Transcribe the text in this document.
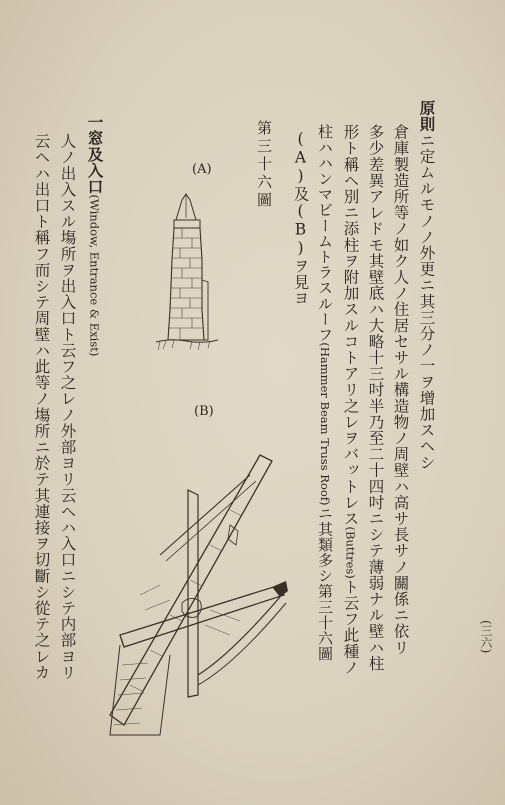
(三六)
原則ニ定ムルモノノ外更ニ其三分ノ一ヲ增加スヘシ
倉庫製造所等ノ如ク人ノ住居セサル構造物ノ周壁ハ高サ長サノ關係ニ依リ
多少差異アレドモ其壁底ハ大略十三吋半乃至二十四吋ニシテ薄弱ナル壁ハ柱
形ト稱ヘ別ニ添柱ヲ附加スルコトアリ之レヲバットレス(Buttres)ト云フ此種ノ
柱ハハンマビームトラスルーフ(Hammer Beam Truss Roof)ニ其類多シ第三十六圖
(A)及(B)ヲ見ヨ
第三十六圖
(A)
(B)
一窓及入口(Window, Entrance & Exist)
人ノ出入スル塲所ヲ出入口ト云フ之レノ外部ヨリ云ヘハ入口ニシテ内部ヨリ
云ヘハ出口ト稱フ而シテ周壁ハ此等ノ塲所ニ於テ其連接ヲ切斷シ從テ之レカ
